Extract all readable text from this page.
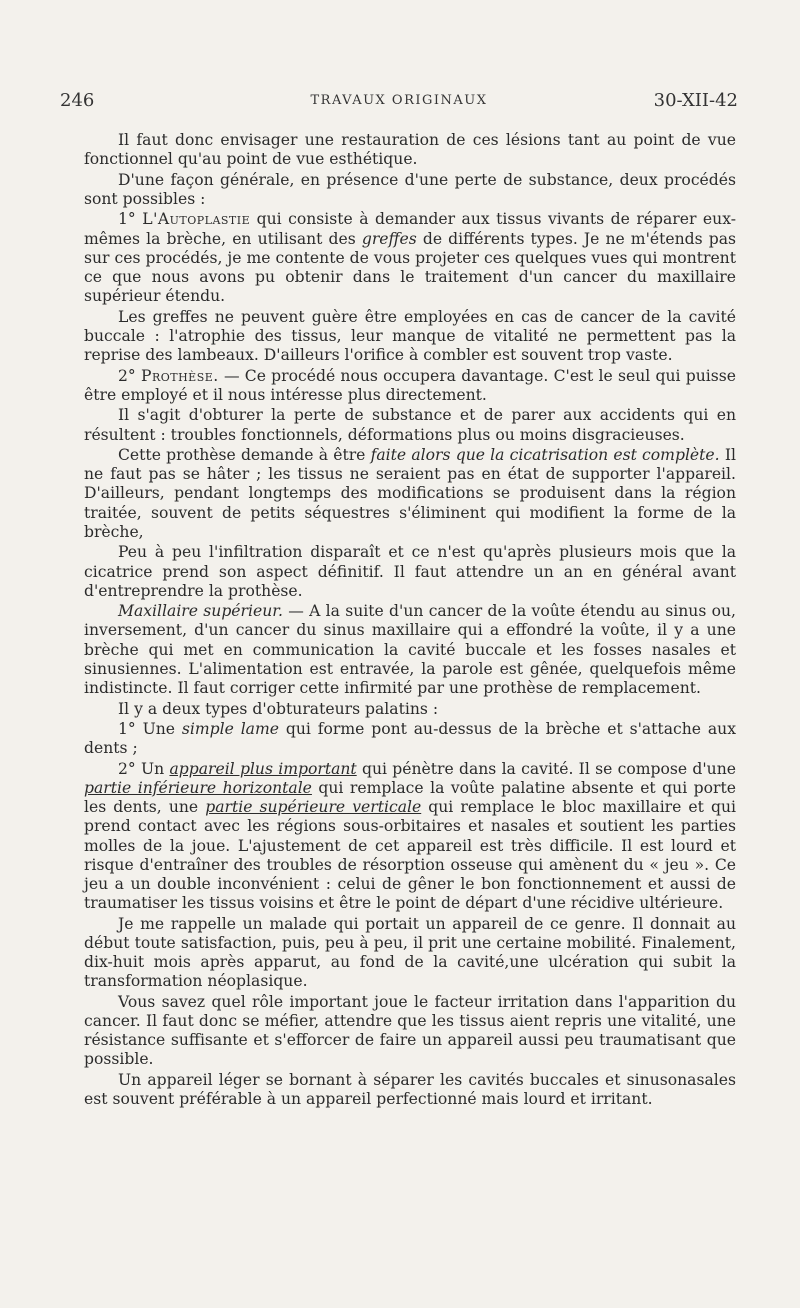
246	TRAVAUX ORIGINAUX	30-XII-42

Il faut donc envisager une restauration de ces lésions tant au point de vue fonctionnel qu'au point de vue esthétique.

D'une façon générale, en présence d'une perte de substance, deux procédés sont possibles :

1° L'Autoplastie qui consiste à demander aux tissus vivants de réparer eux-mêmes la brèche, en utilisant des greffes de différents types. Je ne m'étends pas sur ces procédés, je me contente de vous projeter ces quelques vues qui montrent ce que nous avons pu obtenir dans le traitement d'un cancer du maxillaire supérieur étendu.

Les greffes ne peuvent guère être employées en cas de cancer de la cavité buccale : l'atrophie des tissus, leur manque de vitalité ne permettent pas la reprise des lambeaux. D'ailleurs l'orifice à combler est souvent trop vaste.

2° Prothèse. — Ce procédé nous occupera davantage. C'est le seul qui puisse être employé et il nous intéresse plus directement.

Il s'agit d'obturer la perte de substance et de parer aux accidents qui en résultent : troubles fonctionnels, déformations plus ou moins disgracieuses.

Cette prothèse demande à être faite alors que la cicatrisation est complète. Il ne faut pas se hâter ; les tissus ne seraient pas en état de supporter l'appareil. D'ailleurs, pendant longtemps des modifications se produisent dans la région traitée, souvent de petits séquestres s'éliminent qui modifient la forme de la brèche,

Peu à peu l'infiltration disparaît et ce n'est qu'après plusieurs mois que la cicatrice prend son aspect définitif. Il faut attendre un an en général avant d'entreprendre la prothèse.

Maxillaire supérieur. — A la suite d'un cancer de la voûte étendu au sinus ou, inversement, d'un cancer du sinus maxillaire qui a effondré la voûte, il y a une brèche qui met en communication la cavité buccale et les fosses nasales et sinusiennes. L'alimentation est entravée, la parole est gênée, quelquefois même indistincte. Il faut corriger cette infirmité par une prothèse de remplacement.

Il y a deux types d'obturateurs palatins :

1° Une simple lame qui forme pont au-dessus de la brèche et s'attache aux dents ;

2° Un appareil plus important qui pénètre dans la cavité. Il se compose d'une partie inférieure horizontale qui remplace la voûte palatine absente et qui porte les dents, une partie supérieure verticale qui remplace le bloc maxillaire et qui prend contact avec les régions sous-orbitaires et nasales et soutient les parties molles de la joue. L'ajustement de cet appareil est très difficile. Il est lourd et risque d'entraîner des troubles de résorption osseuse qui amènent du « jeu ». Ce jeu a un double inconvénient : celui de gêner le bon fonctionnement et aussi de traumatiser les tissus voisins et être le point de départ d'une récidive ultérieure.

Je me rappelle un malade qui portait un appareil de ce genre. Il donnait au début toute satisfaction, puis, peu à peu, il prit une certaine mobilité. Finalement, dix-huit mois après apparut, au fond de la cavité,une ulcération qui subit la transformation néoplasique.

Vous savez quel rôle important joue le facteur irritation dans l'apparition du cancer. Il faut donc se méfier, attendre que les tissus aient repris une vitalité, une résistance suffisante et s'efforcer de faire un appareil aussi peu traumatisant que possible.

Un appareil léger se bornant à séparer les cavités buccales et sinusonasales est souvent préférable à un appareil perfectionné mais lourd et irritant.
